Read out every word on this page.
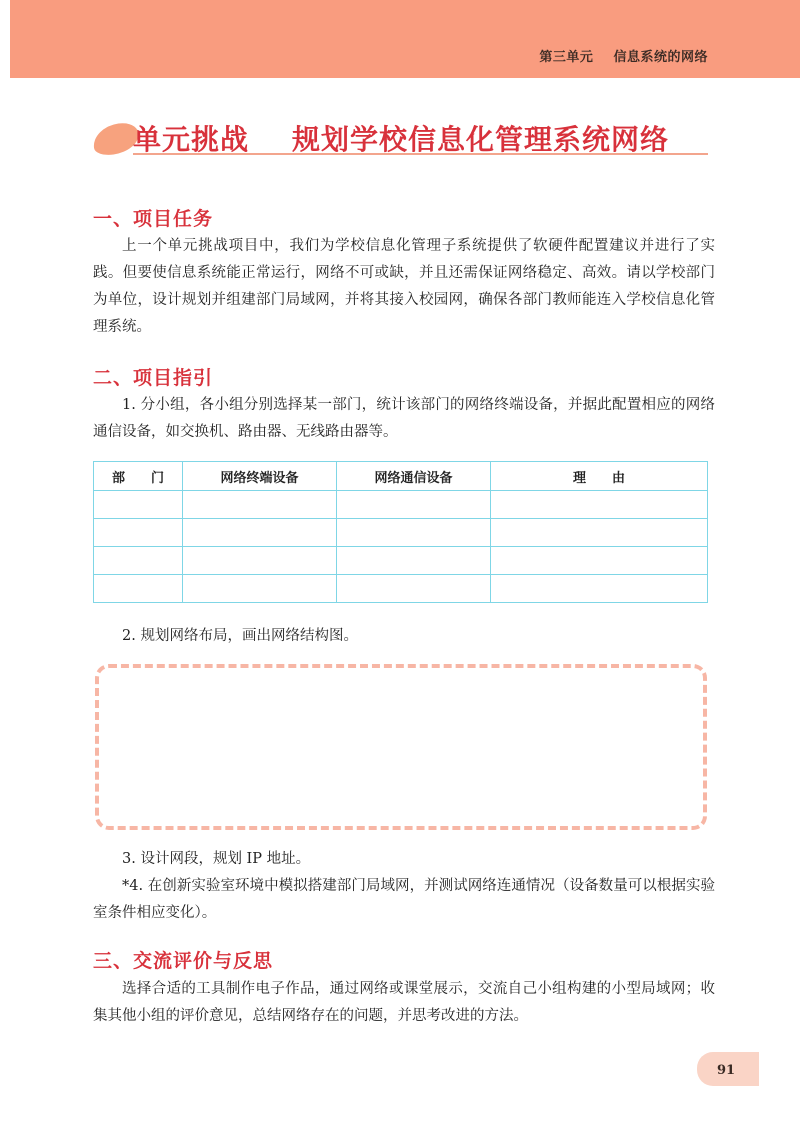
第三单元    信息系统的网络
单元挑战    规划学校信息化管理系统网络
一、项目任务
上一个单元挑战项目中，我们为学校信息化管理子系统提供了软硬件配置建议并进行了实践。但要使信息系统能正常运行，网络不可或缺，并且还需保证网络稳定、高效。请以学校部门为单位，设计规划并组建部门局域网，并将其接入校园网，确保各部门教师能连入学校信息化管理系统。
二、项目指引
1. 分小组，各小组分别选择某一部门，统计该部门的网络终端设备，并据此配置相应的网络通信设备，如交换机、路由器、无线路由器等。
部　　门	网络终端设备	网络通信设备	理　　由

2. 规划网络布局，画出网络结构图。
3. 设计网段，规划 IP 地址。
*4. 在创新实验室环境中模拟搭建部门局域网，并测试网络连通情况（设备数量可以根据实验室条件相应变化）。
三、交流评价与反思
选择合适的工具制作电子作品，通过网络或课堂展示，交流自己小组构建的小型局域网；收集其他小组的评价意见，总结网络存在的问题，并思考改进的方法。
91
